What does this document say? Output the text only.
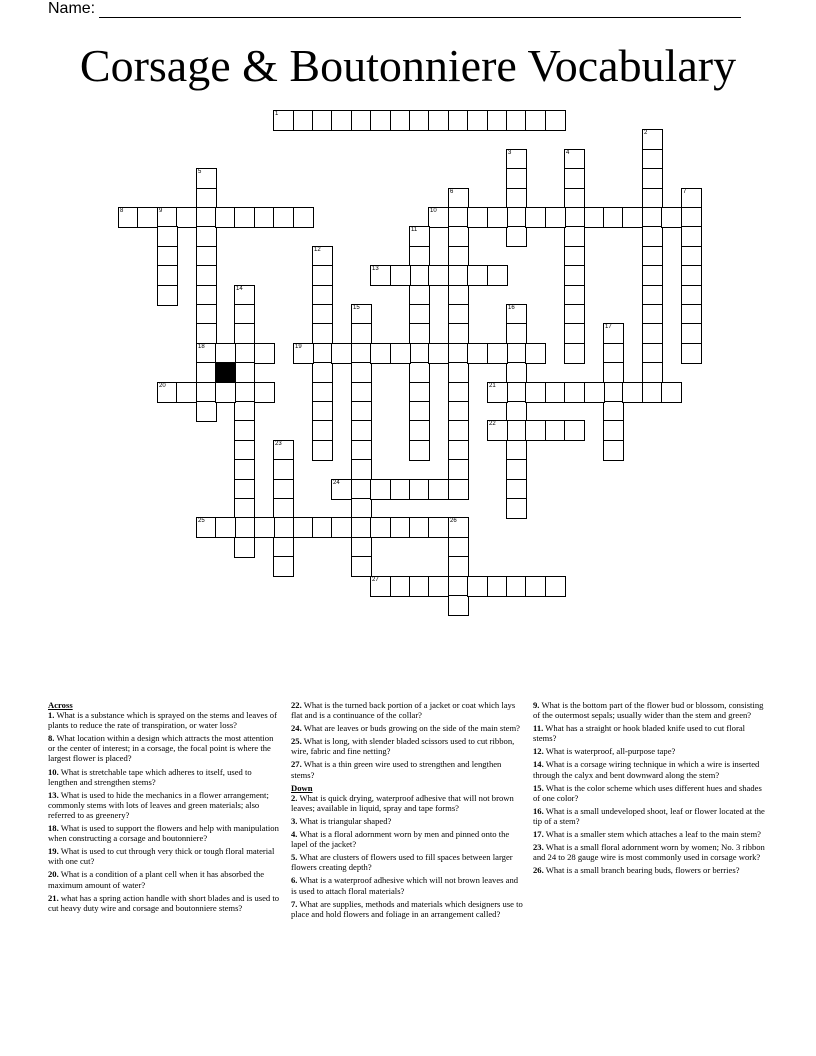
Name:
Corsage & Boutonniere Vocabulary
1
2
3	4
5
18
6	7
8	9	10
11
12
13
14
15	16
17
19
20	21
22
23
24
25	26
27
Across

1. What is a substance which is sprayed on the stems and leaves of plants to reduce the rate of transpiration, or water loss?

8. What location within a design which attracts the most attention or the center of interest; in a corsage, the focal point is where the largest flower is placed?

10. What is stretchable tape which adheres to itself, used to lengthen and strengthen stems?

13. What is used to hide the mechanics in a flower arrangement; commonly stems with lots of leaves and green materials; also referred to as greenery?

18. What is used to support the flowers and help with manipulation when constructing a corsage and boutonniere?

19. What is used to cut through very thick or tough floral material with one cut?

20. What is a condition of a plant cell when it has absorbed the maximum amount of water?

21. what has a spring action handle with short blades and is used to cut heavy duty wire and corsage and boutonniere stems?

22. What is the turned back portion of a jacket or coat which lays flat and is a continuance of the collar?

24. What are leaves or buds growing on the side of the main stem?

25. What is long, with slender bladed scissors used to cut ribbon, wire, fabric and fine netting?

27. What is a thin green wire used to strengthen and lengthen stems?

Down

2. What is quick drying, waterproof adhesive that will not brown leaves; available in liquid, spray and tape forms?

3. What is triangular shaped?

4. What is a floral adornment worn by men and pinned onto the lapel of the jacket?

5. What are clusters of flowers used to fill spaces between larger flowers creating depth?

6. What is a waterproof adhesive which will not brown leaves and is used to attach floral materials?

7. What are supplies, methods and materials which designers use to place and hold flowers and foliage in an arrangement called?

9. What is the bottom part of the flower bud or blossom, consisting of the outermost sepals; usually wider than the stem and green?

11. What has a straight or hook bladed knife used to cut floral stems?

12. What is waterproof, all-purpose tape?

14. What is a corsage wiring technique in which a wire is inserted through the calyx and bent downward along the stem?

15. What is the color scheme which uses different hues and shades of one color?

16. What is a small undeveloped shoot, leaf or flower located at the tip of a stem?

17. What is a smaller stem which attaches a leaf to the main stem?

23. What is a small floral adornment worn by women; No. 3 ribbon and 24 to 28 gauge wire is most commonly used in corsage work?

26. What is a small branch bearing buds, flowers or berries?
